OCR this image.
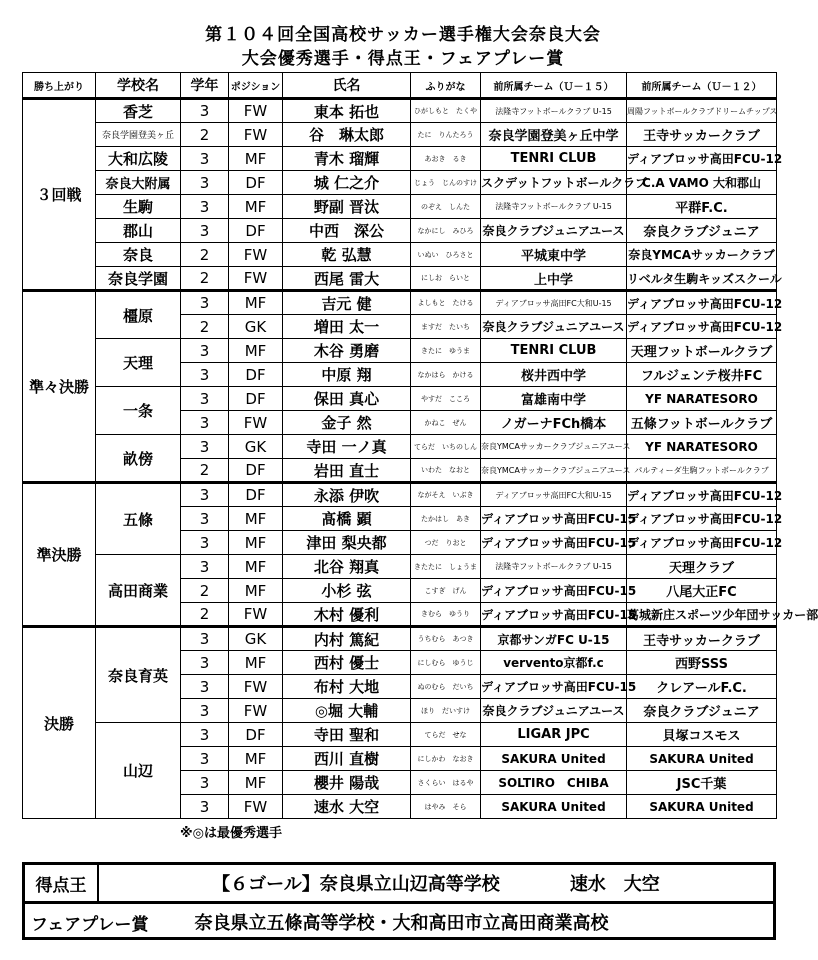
第１０４回全国高校サッカー選手権大会奈良大会
大会優秀選手・得点王・フェアプレー賞
勝ち上がり	学校名	学年	ポジション	氏名	ふりがな	前所属チーム（Ｕ－１５）	前所属チーム（Ｕ－１２）
３回戦	香芝	3	FW	東本 拓也	ひがしもと　たくや	法隆寺フットボールクラブ U-15	周陽フットボールクラブドリームチップス
	奈良学園登美ヶ丘	2	FW	谷　琳太郎	たに　りんたろう	奈良学園登美ヶ丘中学	王寺サッカークラブ
	大和広陵	3	MF	青木 瑠輝	あおき　るき	TENRI CLUB	ディアブロッサ高田FCU-12
	奈良大附属	3	DF	城 仁之介	じょう　じんのすけ	スクデットフットボールクラブ	C.A VAMO 大和郡山
	生駒	3	MF	野副 晋汰	のぞえ　しんた	法隆寺フットボールクラブ U-15	平群F.C.
	郡山	3	DF	中西　深公	なかにし　みひろ	奈良クラブジュニアユース	奈良クラブジュニア
	奈良	2	FW	乾 弘慧	いぬい　ひろさと	平城東中学	奈良YMCAサッカークラブ
	奈良学園	2	FW	西尾 雷大	にしお　らいと	上中学	リベルタ生駒キッズスクール
準々決勝	橿原	3	MF	吉元 健	よしもと　たける	ディアブロッサ高田FC大和U-15	ディアブロッサ高田FCU-12
		2	GK	増田 太一	ますだ　たいち	奈良クラブジュニアユース	ディアブロッサ高田FCU-12
	天理	3	MF	木谷 勇磨	きたに　ゆうま	TENRI CLUB	天理フットボールクラブ
		3	DF	中原 翔	なかはら　かける	桜井西中学	フルジェンテ桜井FC
	一条	3	DF	保田 真心	やすだ　こころ	富雄南中学	YF NARATESORO
		3	FW	金子 然	かねこ　ぜん	ノガーナFCh橋本	五條フットボールクラブ
	畝傍	3	GK	寺田 一ノ真	てらだ　いちのしん	奈良YMCAサッカークラブジュニアユース	YF NARATESORO
		2	DF	岩田 直士	いわた　なおと	奈良YMCAサッカークラブジュニアユース	パルティーダ生駒フットボールクラブ
準決勝	五條	3	DF	永添 伊吹	ながそえ　いぶき	ディアブロッサ高田FC大和U-15	ディアブロッサ高田FCU-12
		3	MF	髙橋 顕	たかはし　あき	ディアブロッサ高田FCU-15	ディアブロッサ高田FCU-12
		3	MF	津田 梨央都	つだ　りおと	ディアブロッサ高田FCU-15	ディアブロッサ高田FCU-12
	高田商業	3	MF	北谷 翔真	きたたに　しょうま	法隆寺フットボールクラブ U-15	天理クラブ
		2	MF	小杉 弦	こすぎ　げん	ディアブロッサ高田FCU-15	八尾大正FC
		2	FW	木村 優利	きむら　ゆうり	ディアブロッサ高田FCU-15	葛城新庄スポーツ少年団サッカー部
決勝	奈良育英	3	GK	内村 篤紀	うちむら　あつき	京都サンガFC U-15	王寺サッカークラブ
		3	MF	西村 優士	にしむら　ゆうじ	vervento京都f.c	西野SSS
		3	FW	布村 大地	ぬのむら　だいち	ディアブロッサ高田FCU-15	クレアールF.C.
		3	FW	◎堀 大輔	ほり　だいすけ	奈良クラブジュニアユース	奈良クラブジュニア
	山辺	3	DF	寺田 聖和	てらだ　せな	LIGAR JPC	貝塚コスモス
		3	MF	西川 直樹	にしかわ　なおき	SAKURA United	SAKURA United
		3	MF	櫻井 陽哉	さくらい　はるや	SOLTIRO　CHIBA	JSC千葉
		3	FW	速水 大空	はやみ　そら	SAKURA United	SAKURA United
※◎は最優秀選手
得点王	【６ゴール】奈良県立山辺高等学校	速水　大空
フェアプレー賞	奈良県立五條高等学校・大和高田市立高田商業高校
